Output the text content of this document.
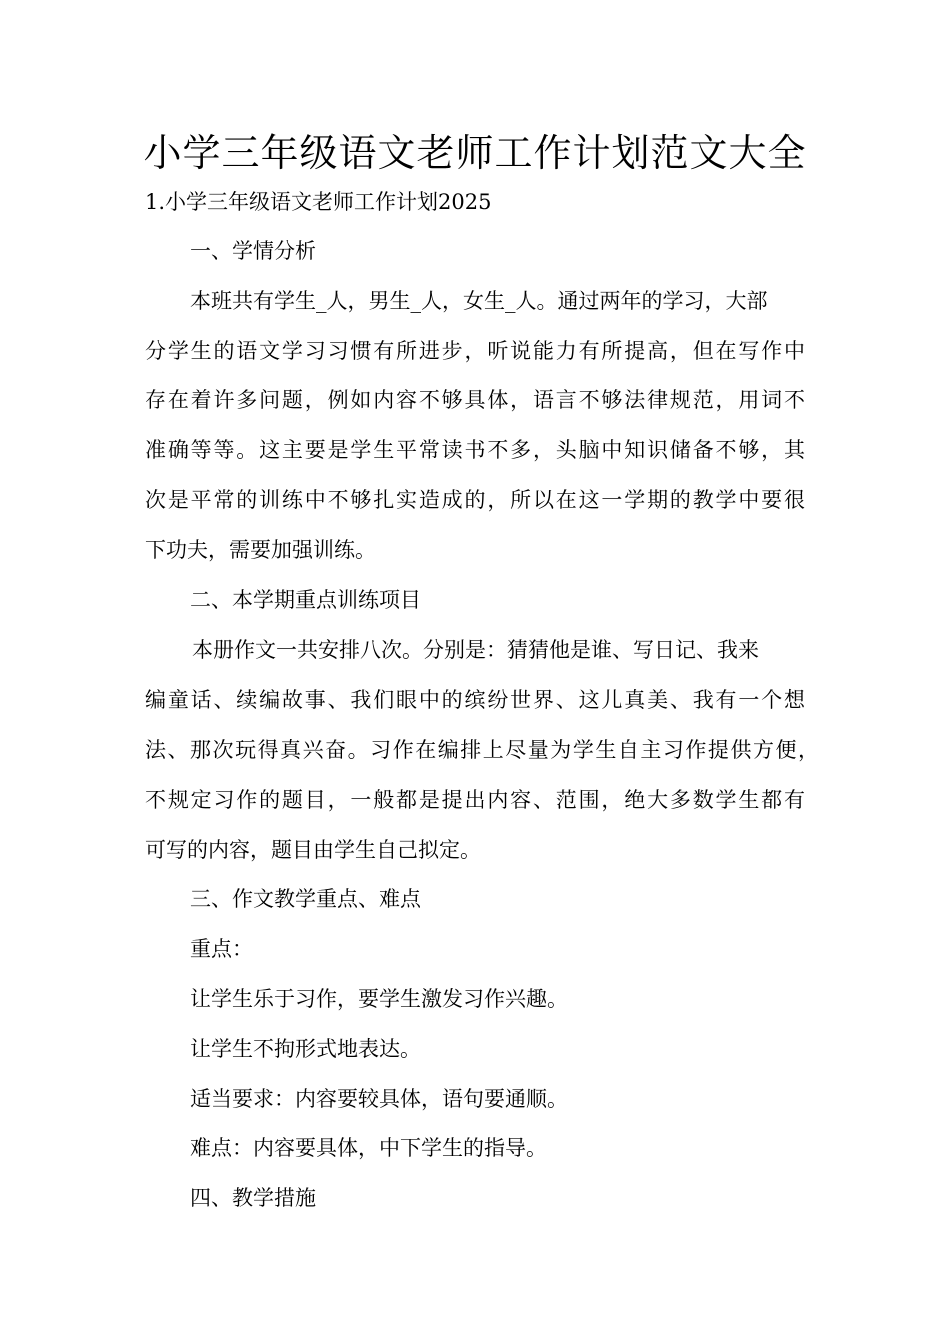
小学三年级语文老师工作计划范文大全
1.小学三年级语文老师工作计划2025
一、学情分析
本班共有学生_人，男生_人，女生_人。通过两年的学习，大部
分学生的语文学习习惯有所进步，听说能力有所提高，但在写作中
存在着许多问题，例如内容不够具体，语言不够法律规范，用词不
准确等等。这主要是学生平常读书不多，头脑中知识储备不够，其
次是平常的训练中不够扎实造成的，所以在这一学期的教学中要很
下功夫，需要加强训练。
二、本学期重点训练项目
本册作文一共安排八次。分别是：猜猜他是谁、写日记、我来
编童话、续编故事、我们眼中的缤纷世界、这儿真美、我有一个想
法、那次玩得真兴奋。习作在编排上尽量为学生自主习作提供方便，
不规定习作的题目，一般都是提出内容、范围，绝大多数学生都有
可写的内容，题目由学生自己拟定。
三、作文教学重点、难点
重点：
让学生乐于习作，要学生激发习作兴趣。
让学生不拘形式地表达。
适当要求：内容要较具体，语句要通顺。
难点：内容要具体，中下学生的指导。
四、教学措施
